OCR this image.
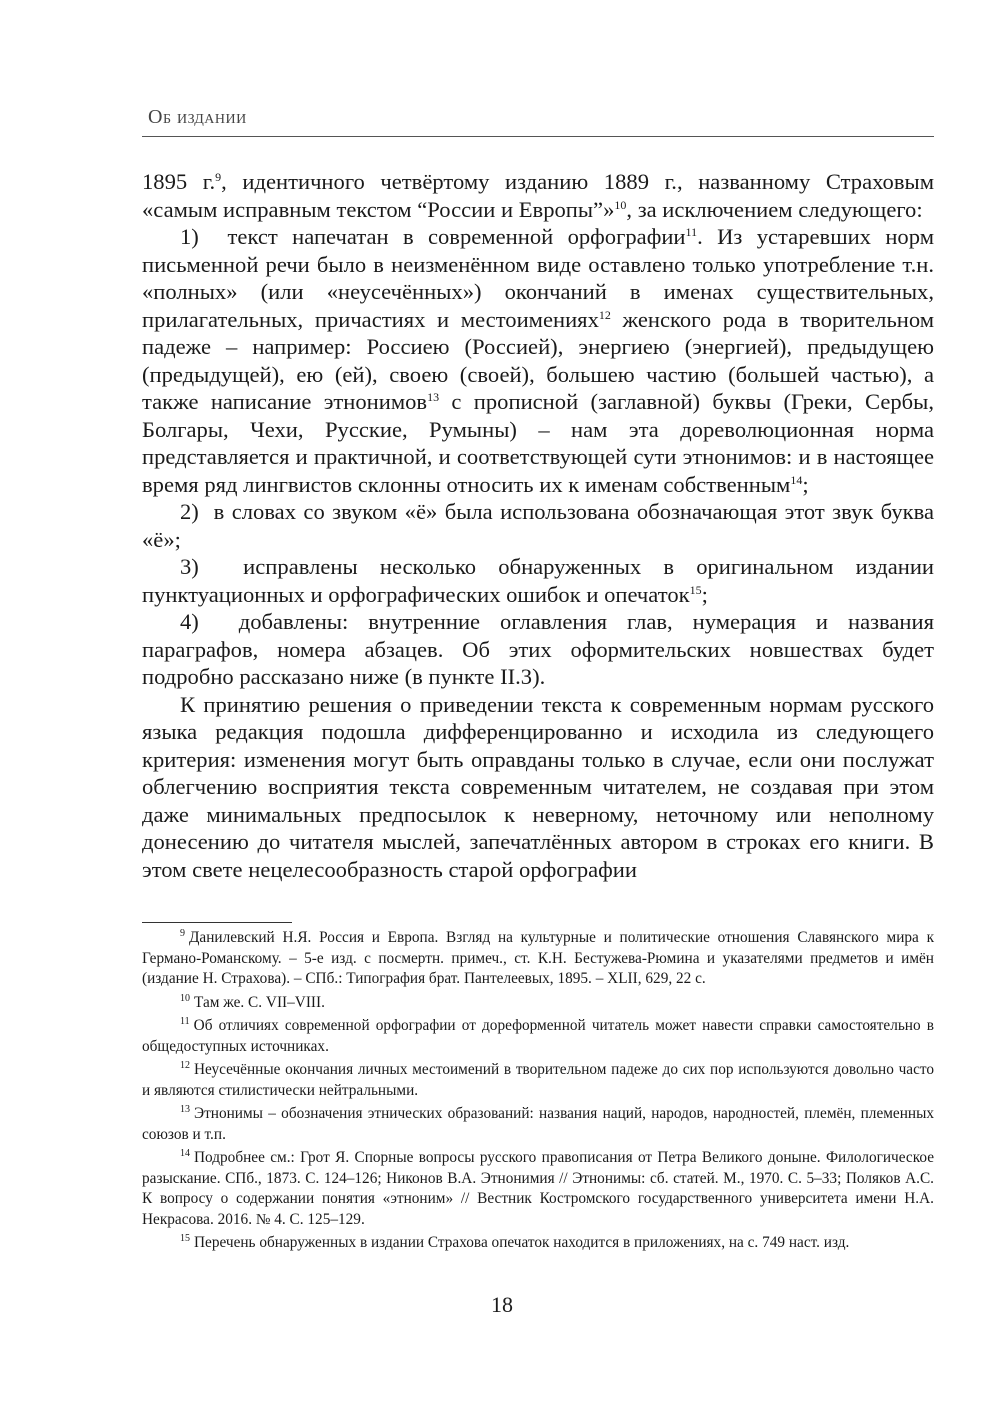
Об издании

1895 г.$^9$, идентичного четвёртому изданию 1889 г., названному Страховым «самым исправным текстом “России и Европы”»$^{10}$, за исключением следующего:

1)  текст напечатан в современной орфографии$^{11}$. Из устаревших норм письменной речи было в неизменённом виде оставлено только употребление т.н. «полных» (или «неусечённых») окончаний в именах существительных, прилагательных, причастиях и местоимениях$^{12}$ женского рода в творительном падеже – например: Россиею (Россией), энергиею (энергией), предыдущею (предыдущей), ею (ей), своею (своей), большею частию (большей частью), а также написание этнонимов$^{13}$ с прописной (заглавной) буквы (Греки, Сербы, Болгары, Чехи, Русские, Румыны) – нам эта дореволюционная норма представляется и практичной, и соответствующей сути этнонимов: и в настоящее время ряд лингвистов склонны относить их к именам собственным$^{14}$;

2)  в словах со звуком «ё» была использована обозначающая этот звук буква «ё»;

3)  исправлены несколько обнаруженных в оригинальном издании пунктуационных и орфографических ошибок и опечаток$^{15}$;

4)  добавлены: внутренние оглавления глав, нумерация и названия параграфов, номера абзацев. Об этих оформительских новшествах будет подробно рассказано ниже (в пункте II.3).

К принятию решения о приведении текста к современным нормам русского языка редакция подошла дифференцированно и исходила из следующего критерия: изменения могут быть оправданы только в случае, если они послужат облегчению восприятия текста современным читателем, не создавая при этом даже минимальных предпосылок к неверному, неточному или неполному донесению до читателя мыслей, запечатлённых автором в строках его книги. В этом свете нецелесообразность старой орфографии

$^9$ Данилевский Н.Я. Россия и Европа. Взгляд на культурные и политические отношения Славянского мира к Германо-Романскому. – 5-е изд. с посмертн. примеч., ст. К.Н. Бестужева-Рюмина и указателями предметов и имён (издание Н. Страхова). – СПб.: Типография брат. Пантелеевых, 1895. – XLII, 629, 22 с.

$^{10}$ Там же. С. VII–VIII.

$^{11}$ Об отличиях современной орфографии от дореформенной читатель может навести справки самостоятельно в общедоступных источниках.

$^{12}$ Неусечённые окончания личных местоимений в творительном падеже до сих пор используются довольно часто и являются стилистически нейтральными.

$^{13}$ Этнонимы – обозначения этнических образований: названия наций, народов, народностей, племён, племенных союзов и т.п.

$^{14}$ Подробнее см.: Грот Я. Спорные вопросы русского правописания от Петра Великого доныне. Филологическое разыскание. СПб., 1873. С. 124–126; Никонов В.А. Этнонимия // Этнонимы: сб. статей. М., 1970. С. 5–33; Поляков А.С. К вопросу о содержании понятия «этноним» // Вестник Костромского государственного университета имени Н.А. Некрасова. 2016. № 4. С. 125–129.

$^{15}$ Перечень обнаруженных в издании Страхова опечаток находится в приложениях, на с. 749 наст. изд.

18
